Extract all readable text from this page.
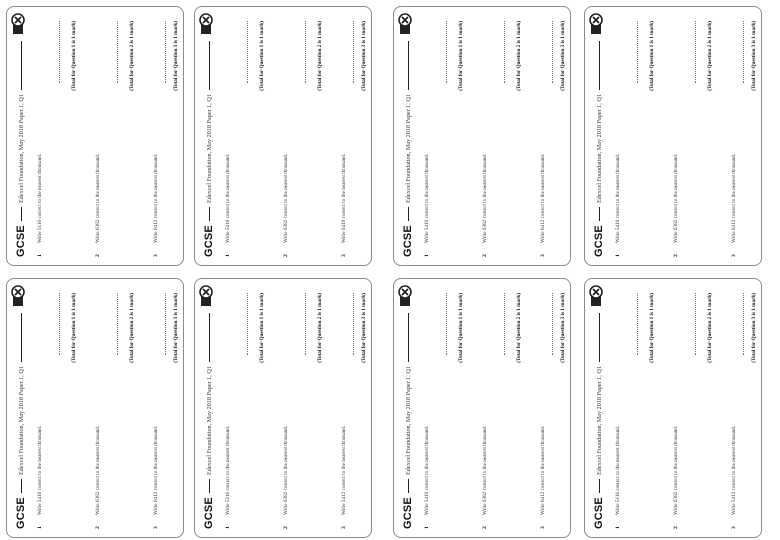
GCSE
Edexcel Foundation, May 2018 Paper 1, Q1
1
Write 5116 correct to the nearest thousand.
(Total for Question 1 is 1 mark)
2
Write 6382 correct to the nearest thousand.
(Total for Question 2 is 1 mark)
3
Write 6412 correct to the nearest thousand.
(Total for Question 3 is 1 mark)
GCSE
Edexcel Foundation, May 2018 Paper 1, Q1
1
Write 5416 correct to the nearest thousand.
(Total for Question 1 is 1 mark)
2
Write 6382 correct to the nearest thousand.
(Total for Question 2 is 1 mark)
3
Write 6419 correct to the nearest thousand.
(Total for Question 3 is 1 mark)
GCSE
Edexcel Foundation, May 2018 Paper 1, Q1
1
Write 5416 correct to the nearest thousand.
(Total for Question 1 is 1 mark)
2
Write 6382 correct to the nearest thousand.
(Total for Question 2 is 1 mark)
3
Write 6412 correct to the nearest thousand.
(Total for Question 3 is 1 mark)
GCSE
Edexcel Foundation, May 2018 Paper 1, Q1
1
Write 5416 correct to the nearest thousand.
(Total for Question 1 is 1 mark)
2
Write 6382 correct to the nearest thousand.
(Total for Question 2 is 1 mark)
3
Write 6412 correct to the nearest thousand.
(Total for Question 3 is 1 mark)
GCSE
Edexcel Foundation, May 2018 Paper 1, Q1
1
Write 5416 correct to the nearest thousand.
(Total for Question 1 is 1 mark)
2
Write 6382 correct to the nearest thousand.
(Total for Question 2 is 1 mark)
3
Write 6412 correct to the nearest thousand.
(Total for Question 3 is 1 mark)
GCSE
Edexcel Foundation, May 2018 Paper 1, Q1
1
Write 5116 correct to the nearest thousand.
(Total for Question 1 is 1 mark)
2
Write 6382 correct to the nearest thousand.
(Total for Question 2 is 1 mark)
3
Write 5412 correct to the nearest thousand.
(Total for Question 3 is 1 mark)
GCSE
Edexcel Foundation, May 2018 Paper 1, Q1
1
Write 5416 correct to the nearest thousand.
(Total for Question 1 is 1 mark)
2
Write 6382 correct to the nearest thousand.
(Total for Question 2 is 1 mark)
3
Write 6412 correct to the nearest thousand.
(Total for Question 3 is 1 mark)
GCSE
Edexcel Foundation, May 2018 Paper 1, Q1
1
Write 5116 correct to the nearest thousand.
(Total for Question 1 is 1 mark)
2
Write 6382 correct to the nearest thousand.
(Total for Question 2 is 1 mark)
3
Write 5412 correct to the nearest thousand.
(Total for Question 3 is 1 mark)
